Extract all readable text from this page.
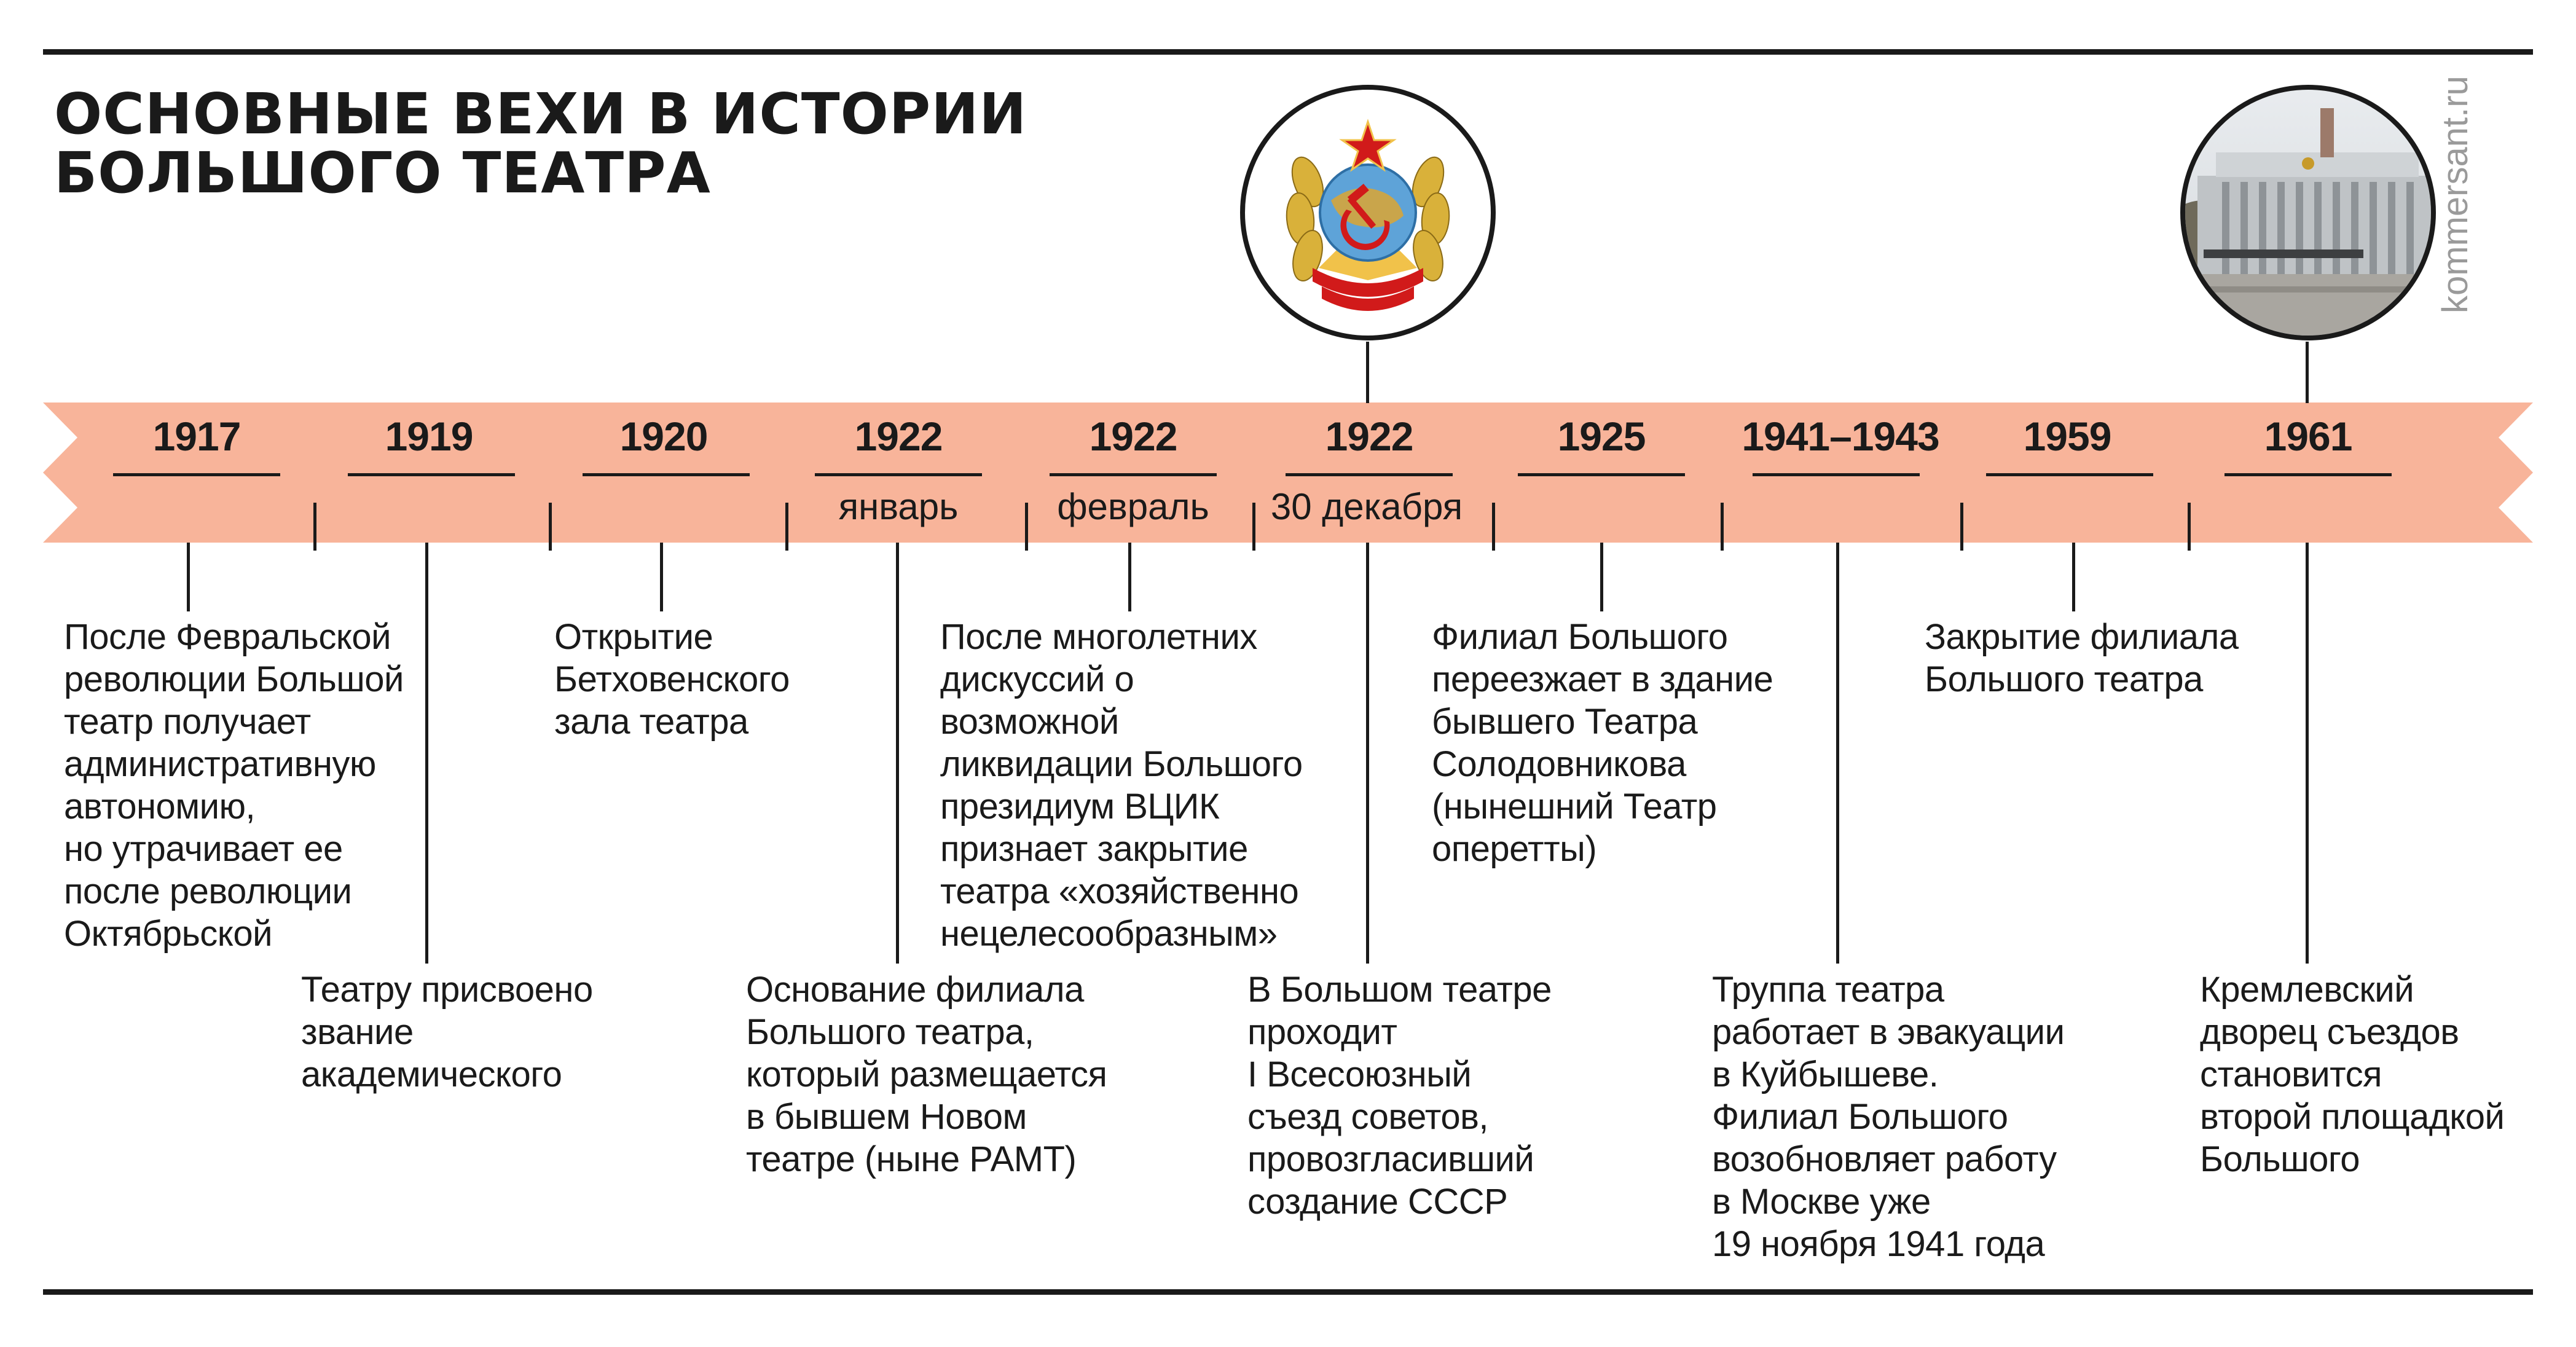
ОСНОВНЫЕ ВЕХИ В ИСТОРИИ
БОЛЬШОГО ТЕАТРА	kommersant.ru
1917

После Февральской
революции Большой
театр получает
административную
автономию,
но утрачивает ее
после революции
Октябрьской

1919

Театру присвоено
звание
академического

1920

Открытие
Бетховенского
зала театра

1922
январь

Основание филиала
Большого театра,
который размещается
в бывшем Новом
театре (ныне РАМТ)

1922
февраль

После многолетних
дискуссий о возможной
ликвидации Большого
президиум ВЦИК
признает закрытие
театра «хозяйственно
нецелесообразным»

1922
30 декабря

В Большом театре
проходит
I Всесоюзный
съезд советов,
провозгласивший
создание СССР

1925

Филиал Большого
переезжает в здание
бывшего Театра
Солодовникова
(нынешний Театр
оперетты)

1941–1943

Труппа театра
работает в эвакуации
в Куйбышеве.
Филиал Большого
возобновляет работу
в Москве уже
19 ноября 1941 года

1959

Закрытие филиала
Большого театра

1961

Кремлевский
дворец съездов
становится
второй площадкой
Большого
